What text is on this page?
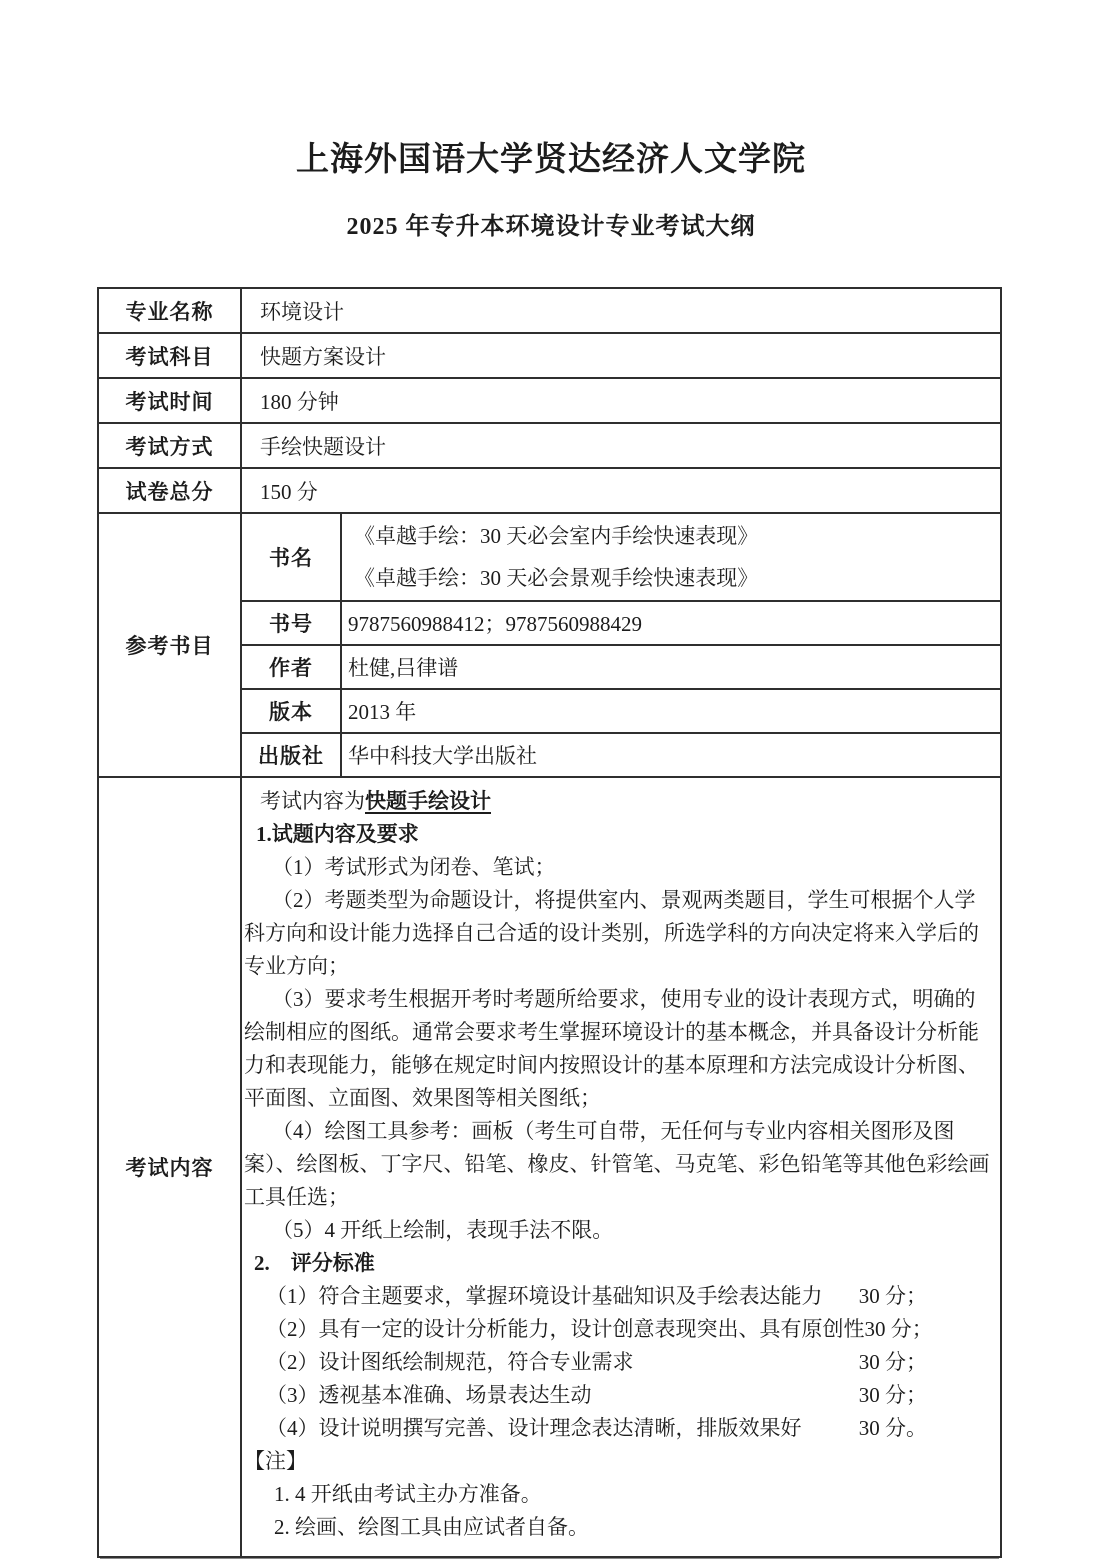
上海外国语大学贤达经济人文学院

2025 年专升本环境设计专业考试大纲

专业名称	环境设计	
考试科目	快题方案设计	
考试时间	180 分钟	
考试方式	手绘快题设计	
试卷总分	150 分	
参考书目	书名	《卓越手绘：30 天必会室内手绘快速表现》
《卓越手绘：30 天必会景观手绘快速表现》

	书号	9787560988412；9787560988429
	作者	杜健,吕律谱
	版本	2013 年
	出版社	华中科技大学出版社
考试内容	

考试内容为快题手绘设计

1.试题内容及要求

（1）考试形式为闭卷、笔试；

（2）考题类型为命题设计，将提供室内、景观两类题目，学生可根据个人学科方向和设计能力选择自己合适的设计类别，所选学科的方向决定将来入学后的专业方向；

（3）要求考生根据开考时考题所给要求，使用专业的设计表现方式，明确的绘制相应的图纸。通常会要求考生掌握环境设计的基本概念，并具备设计分析能力和表现能力，能够在规定时间内按照设计的基本原理和方法完成设计分析图、平面图、立面图、效果图等相关图纸；

（4）绘图工具参考：画板（考生可自带，无任何与专业内容相关图形及图案）、绘图板、丁字尺、铅笔、橡皮、针管笔、马克笔、彩色铅笔等其他色彩绘画工具任选；

（5）4 开纸上绘制，表现手法不限。

2.　评分标准

（1）符合主题要求，掌握环境设计基础知识及手绘表达能力	30 分；
（2）具有一定的设计分析能力，设计创意表现突出、具有原创性 30 分；
（2）设计图纸绘制规范，符合专业需求	30 分；
（3）透视基本准确、场景表达生动	30 分；
（4）设计说明撰写完善、设计理念表达清晰，排版效果好	30 分。

【注】

1. 4 开纸由考试主办方准备。

2. 绘画、绘图工具由应试者自备。
